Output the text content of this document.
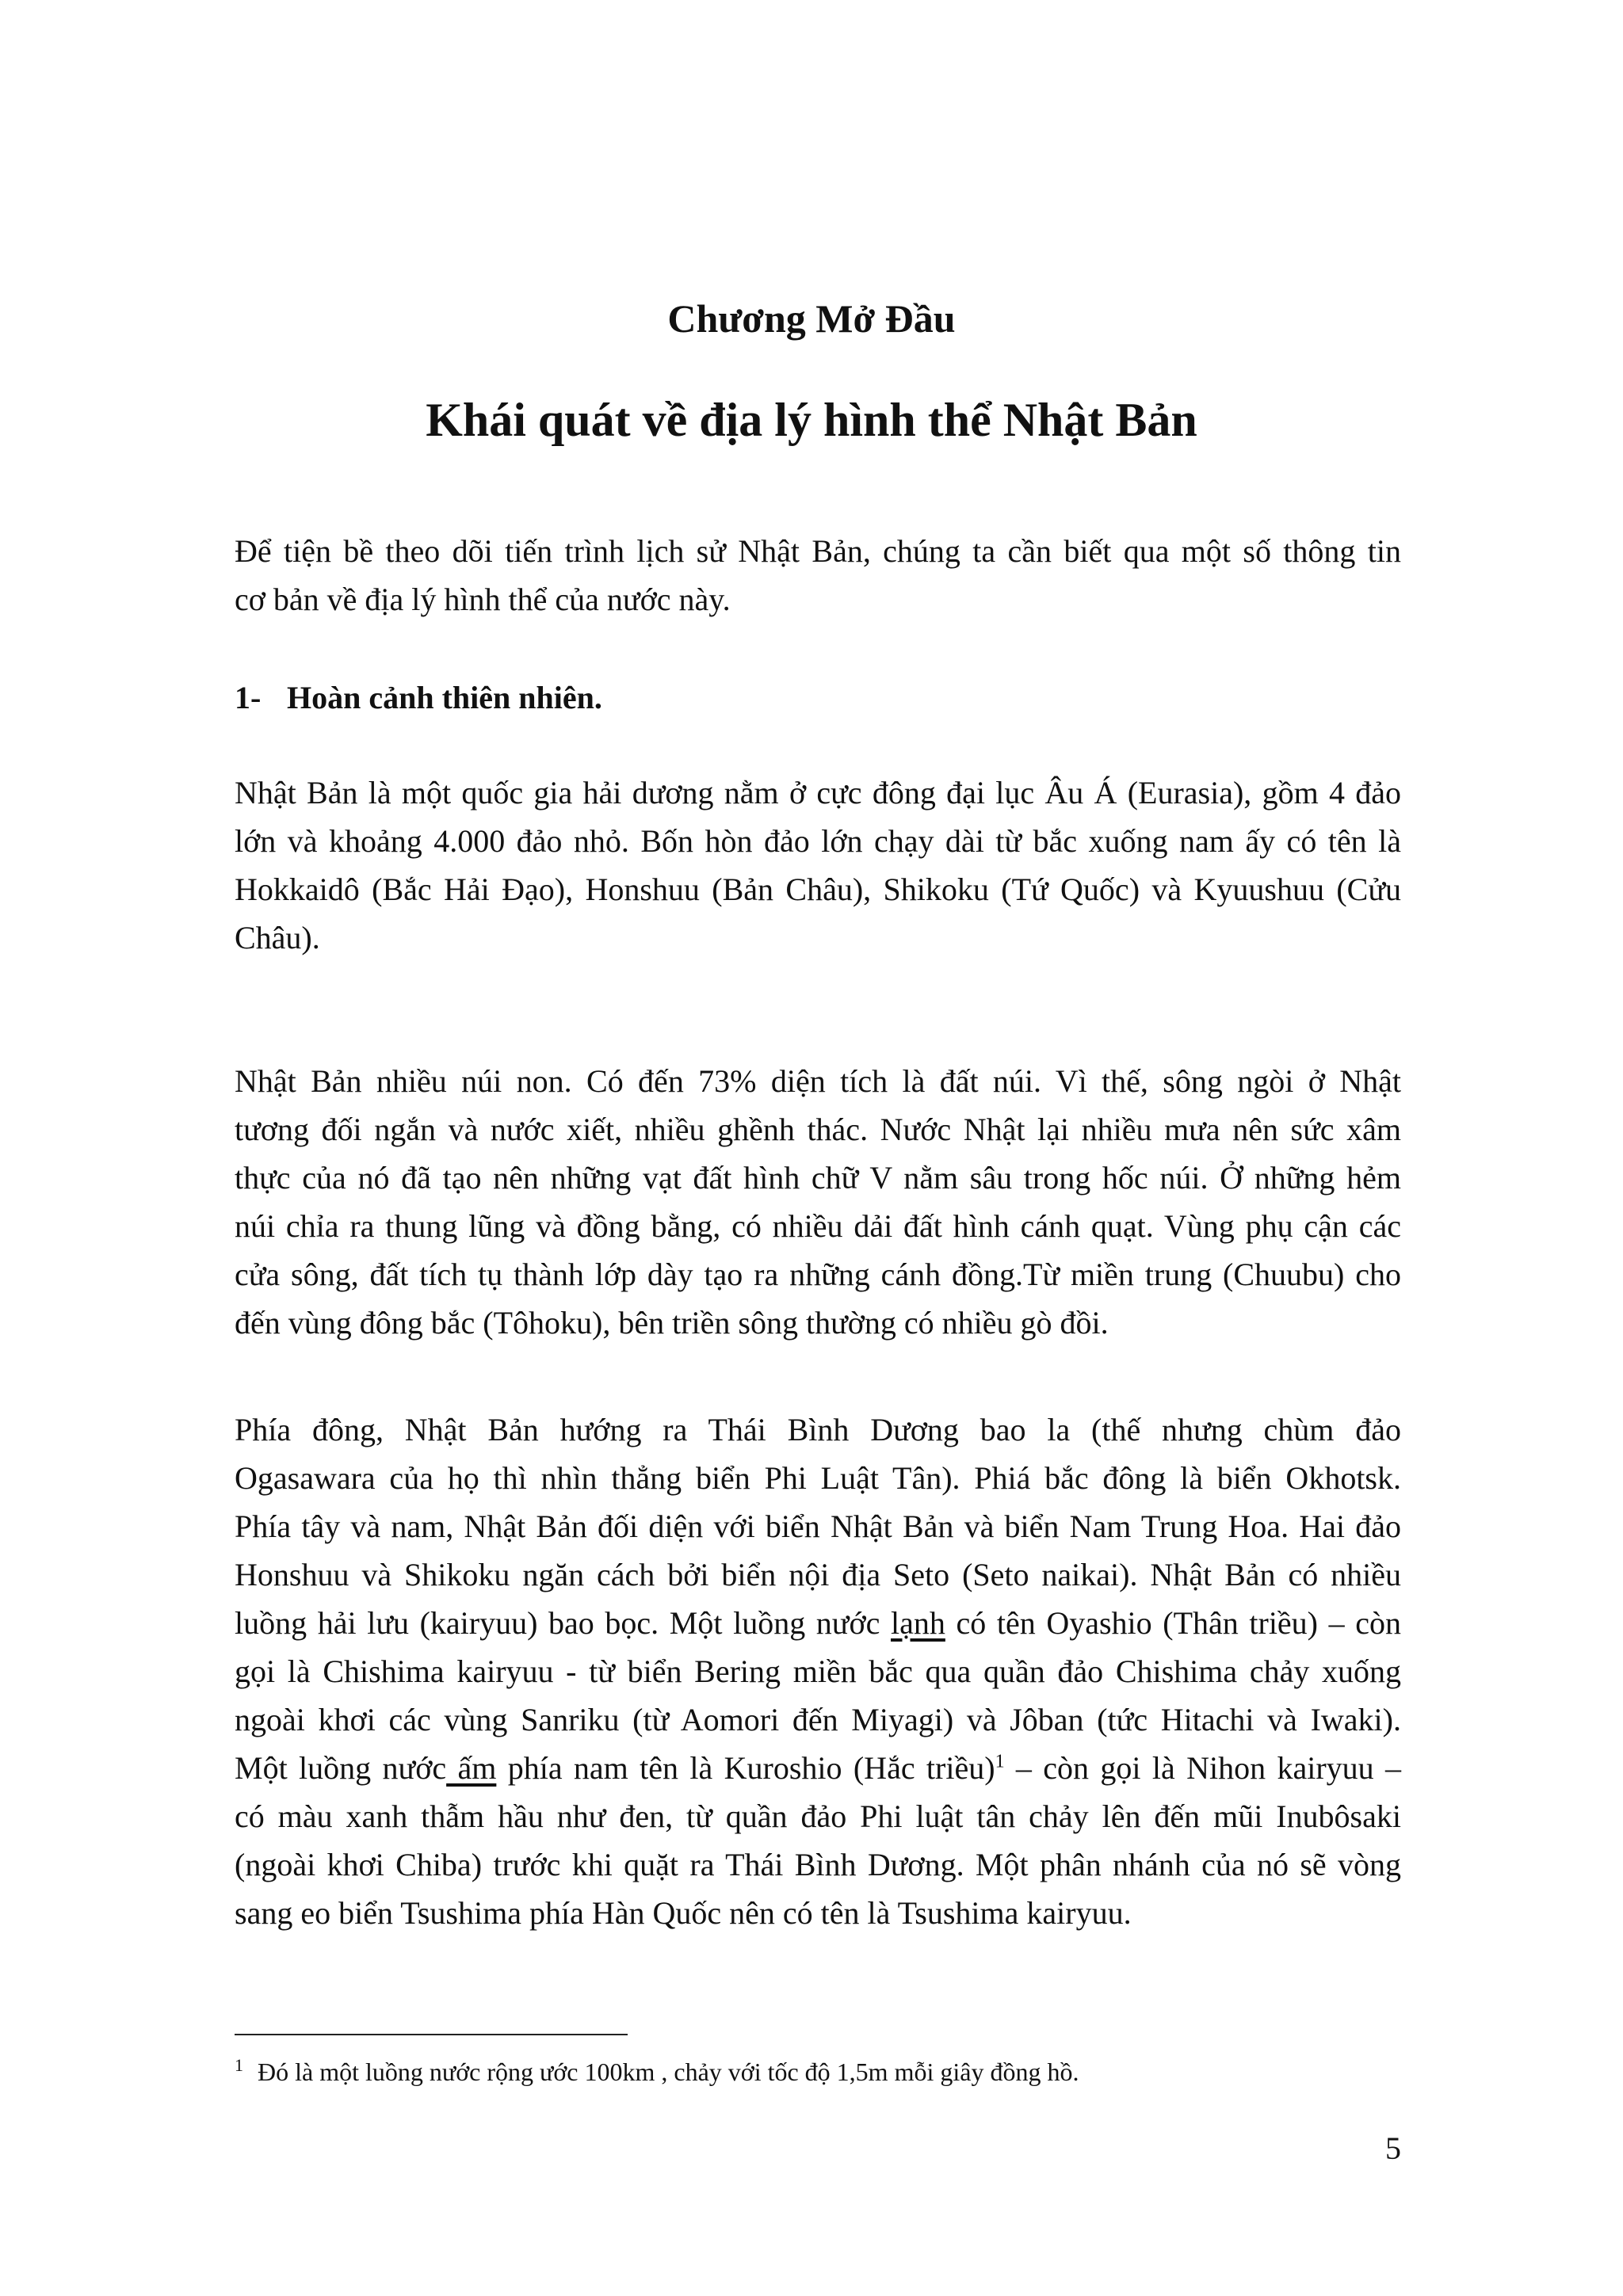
Chương Mở Đầu
Khái quát về địa lý hình thể Nhật Bản

Để tiện bề theo dõi tiến trình lịch sử Nhật Bản, chúng ta cần biết qua một số thông tin
cơ bản về địa lý hình thể của nước này.

1- Hoàn cảnh thiên nhiên.

Nhật Bản là một quốc gia hải dương nằm ở cực đông đại lục Âu Á (Eurasia), gồm 4 đảo
lớn và khoảng 4.000 đảo nhỏ. Bốn hòn đảo lớn chạy dài từ bắc xuống nam ấy có tên là
Hokkaidô (Bắc Hải Đạo), Honshuu (Bản Châu), Shikoku (Tứ Quốc) và Kyuushuu (Cửu
Châu).

Nhật Bản nhiều núi non. Có đến 73% diện tích là đất núi. Vì thế, sông ngòi ở Nhật
tương đối ngắn và nước xiết, nhiều ghềnh thác. Nước Nhật lại nhiều mưa nên sức xâm
thực của nó đã tạo nên những vạt đất hình chữ V nằm sâu trong hốc núi. Ở những hẻm
núi chỉa ra thung lũng và đồng bằng, có nhiều dải đất hình cánh quạt. Vùng phụ cận các
cửa sông, đất tích tụ thành lớp dày tạo ra những cánh đồng.Từ miền trung (Chuubu) cho
đến vùng đông bắc (Tôhoku), bên triền sông thường có nhiều gò đồi.

Phía đông, Nhật Bản hướng ra Thái Bình Dương bao la (thế nhưng chùm đảo
Ogasawara của họ thì nhìn thẳng biển Phi Luật Tân). Phiá bắc đông là biển Okhotsk.
Phía tây và nam, Nhật Bản đối diện với biển Nhật Bản và biển Nam Trung Hoa. Hai đảo
Honshuu và Shikoku ngăn cách bởi biển nội địa Seto (Seto naikai). Nhật Bản có nhiều
luồng hải lưu (kairyuu) bao bọc. Một luồng nước lạnh có tên Oyashio (Thân triều) – còn
gọi là Chishima kairyuu - từ biển Bering miền bắc qua quần đảo Chishima chảy xuống
ngoài khơi các vùng Sanriku (từ Aomori đến Miyagi) và Jôban (tức Hitachi và Iwaki).
Một luồng nước ấm phía nam tên là Kuroshio (Hắc triều)$^1$ – còn gọi là Nihon kairyuu –
có màu xanh thẫm hầu như đen, từ quần đảo Phi luật tân chảy lên đến mũi Inubôsaki
(ngoài khơi Chiba) trước khi quặt ra Thái Bình Dương. Một phân nhánh của nó sẽ vòng
sang eo biển Tsushima phía Hàn Quốc nên có tên là Tsushima kairyuu.

$^1$ Đó là một luồng nước rộng ước 100km , chảy với tốc độ 1,5m mỗi giây đồng hồ.

5
